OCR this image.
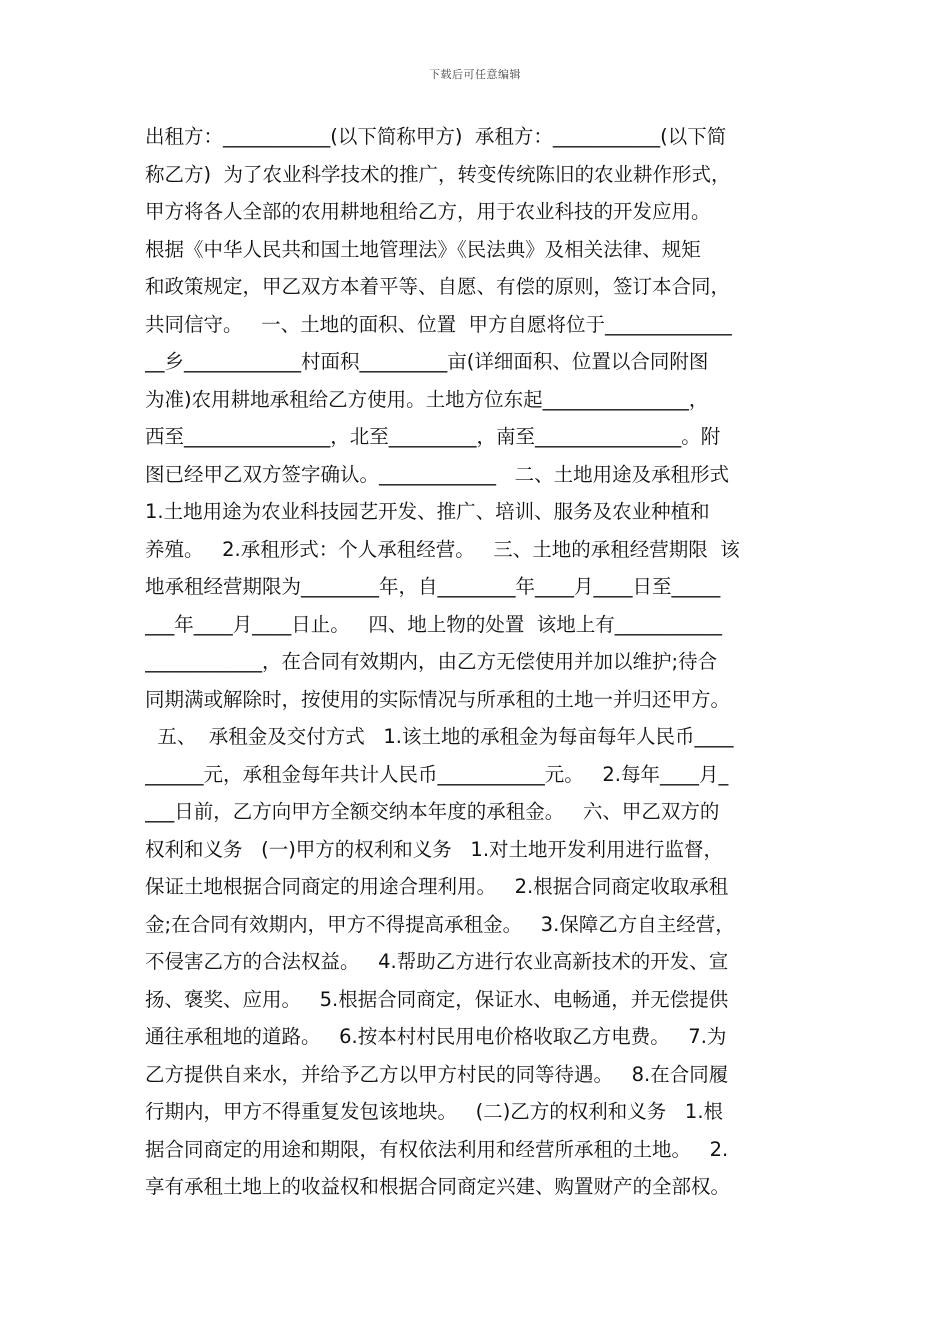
下载后可任意编辑
出租方：___________(以下简称甲方)  承租方：___________(以下简
称乙方)  为了农业科学技术的推广，转变传统陈旧的农业耕作形式，
甲方将各人全部的农用耕地租给乙方，用于农业科技的开发应用。
根据《中华人民共和国土地管理法》《民法典》及相关法律、规矩
和政策规定，甲乙双方本着平等、自愿、有偿的原则，签订本合同，
共同信守。   一、土地的面积、位置  甲方自愿将位于_____________
__乡____________村面积_________亩(详细面积、位置以合同附图
为准)农用耕地承租给乙方使用。土地方位东起_______________，
西至_______________，北至_________，南至_______________。附
图已经甲乙双方签字确认。____________   二、土地用途及承租形式
1.土地用途为农业科技园艺开发、推广、培训、服务及农业种植和
养殖。   2.承租形式：个人承租经营。   三、土地的承租经营期限  该
地承租经营期限为________年，自________年____月____日至_____
___年____月____日止。   四、地上物的处置  该地上有___________
____________，在合同有效期内，由乙方无偿使用并加以维护;待合
同期满或解除时，按使用的实际情况与所承租的土地一并归还甲方。
五、  承租金及交付方式   1.该土地的承租金为每亩每年人民币____
______元，承租金每年共计人民币___________元。   2.每年____月_
___日前，乙方向甲方全额交纳本年度的承租金。   六、甲乙双方的
权利和义务   (一)甲方的权利和义务   1.对土地开发利用进行监督，
保证土地根据合同商定的用途合理利用。   2.根据合同商定收取承租
金;在合同有效期内，甲方不得提高承租金。   3.保障乙方自主经营，
不侵害乙方的合法权益。   4.帮助乙方进行农业高新技术的开发、宣
扬、褒奖、应用。   5.根据合同商定，保证水、电畅通，并无偿提供
通往承租地的道路。   6.按本村村民用电价格收取乙方电费。   7.为
乙方提供自来水，并给予乙方以甲方村民的同等待遇。   8.在合同履
行期内，甲方不得重复发包该地块。   (二)乙方的权利和义务   1.根
据合同商定的用途和期限，有权依法利用和经营所承租的土地。   2.
享有承租土地上的收益权和根据合同商定兴建、购置财产的全部权。
